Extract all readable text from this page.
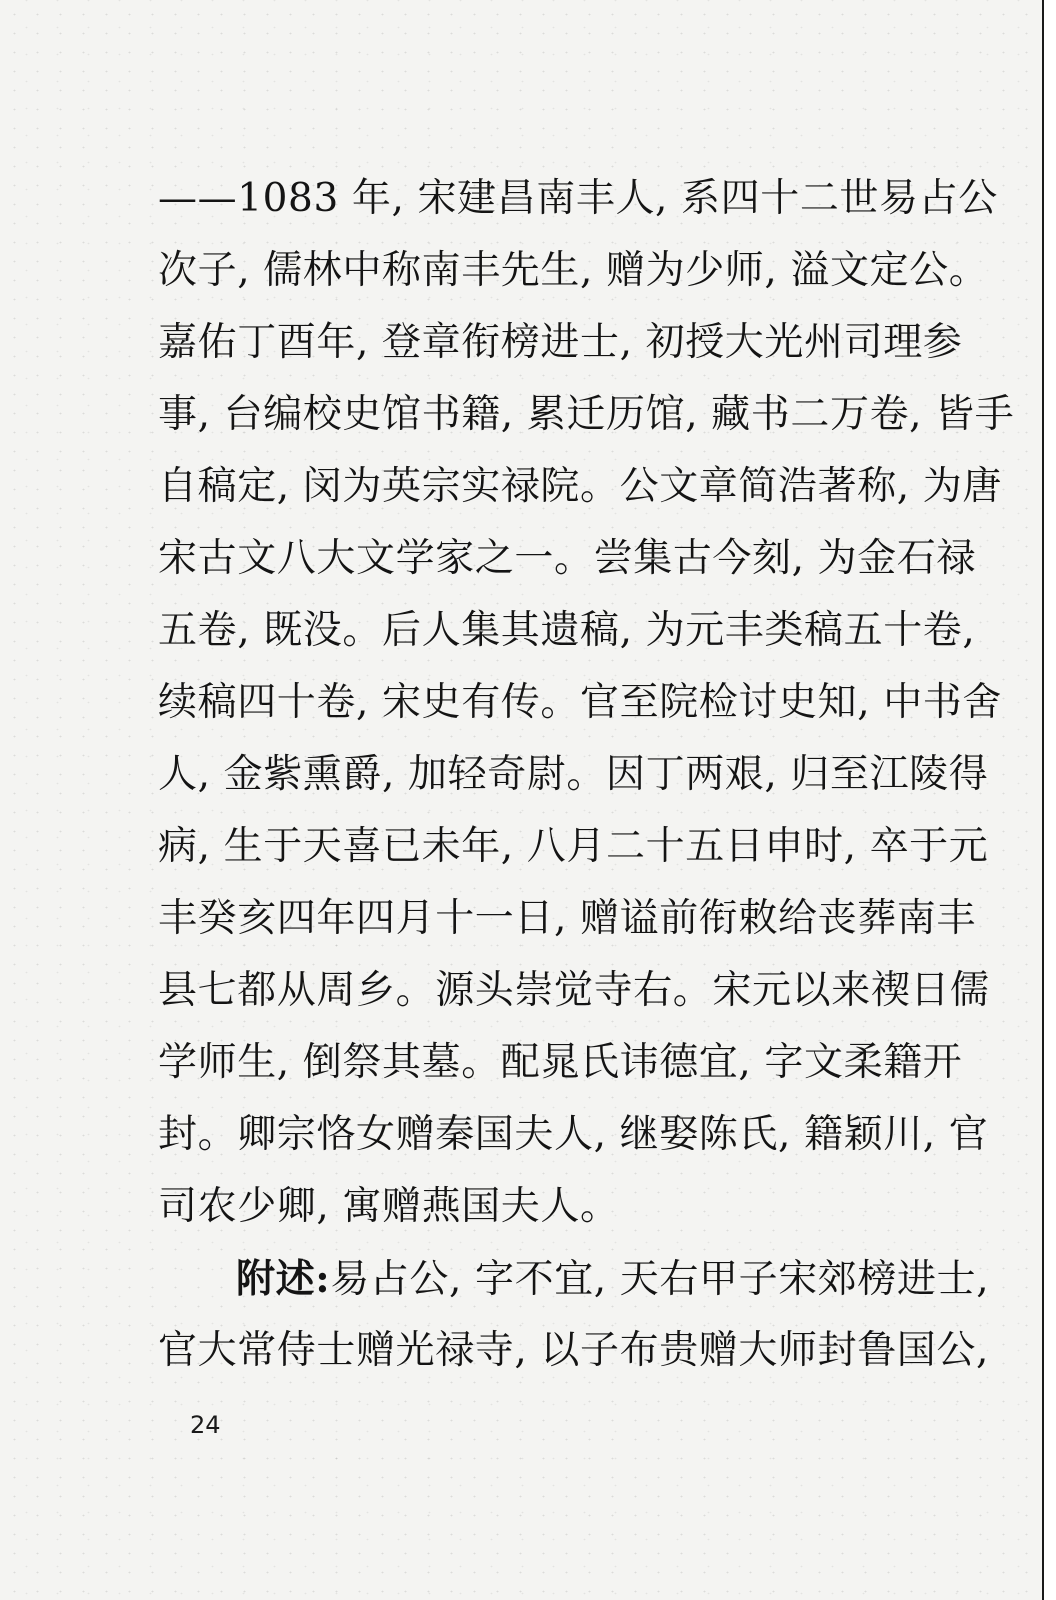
——1083 年, 宋建昌南丰人, 系四十二世易占公
次子, 儒林中称南丰先生, 赠为少师, 溢文定公。
嘉佑丁酉年, 登章衔榜进士, 初授大光州司理参
事, 台编校史馆书籍, 累迁历馆, 藏书二万卷, 皆手
自稿定, 闵为英宗实禄院。公文章简浩著称, 为唐
宋古文八大文学家之一。尝集古今刻, 为金石禄
五卷, 既没。后人集其遗稿, 为元丰类稿五十卷,
续稿四十卷, 宋史有传。官至院检讨史知, 中书舍
人, 金紫熏爵, 加轻奇尉。因丁两艰, 归至江陵得
病, 生于天喜已未年, 八月二十五日申时, 卒于元
丰癸亥四年四月十一日, 赠谥前衔敕给丧葬南丰
县七都从周乡。源头崇觉寺右。宋元以来禊日儒
学师生, 倒祭其墓。配晁氏讳德宜, 字文柔籍开
封。卿宗恪女赠秦国夫人, 继娶陈氏, 籍颖川, 官
司农少卿, 寓赠燕国夫人。
附述:易占公, 字不宜, 天右甲子宋郊榜进士,
官大常侍士赠光禄寺, 以子布贵赠大师封鲁国公,
24
